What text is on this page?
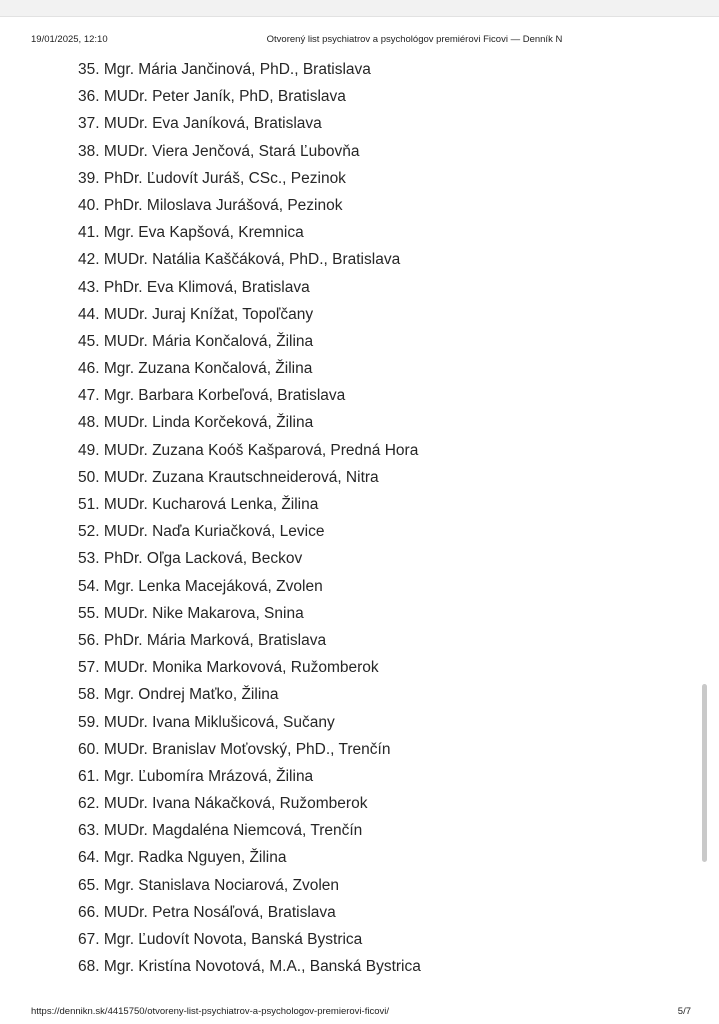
19/01/2025, 12:10	Otvorený list psychiatrov a psychológov premiérovi Ficovi — Denník N
35. Mgr. Mária Jančinová, PhD., Bratislava
36. MUDr. Peter Janík, PhD, Bratislava
37. MUDr. Eva Janíková, Bratislava
38. MUDr. Viera Jenčová, Stará Ľubovňa
39. PhDr. Ľudovít Juráš, CSc., Pezinok
40. PhDr. Miloslava Jurášová, Pezinok
41. Mgr. Eva Kapšová, Kremnica
42. MUDr. Natália Kaščáková, PhD., Bratislava
43. PhDr. Eva Klimová, Bratislava
44. MUDr. Juraj Knížat, Topoľčany
45. MUDr. Mária Končalová, Žilina
46. Mgr. Zuzana Končalová, Žilina
47. Mgr. Barbara Korbeľová, Bratislava
48. MUDr. Linda Korčeková, Žilina
49. MUDr. Zuzana Koóš Kašparová, Predná Hora
50. MUDr. Zuzana Krautschneiderová, Nitra
51. MUDr. Kucharová Lenka, Žilina
52. MUDr. Naďa Kuriačková, Levice
53. PhDr. Oľga Lacková, Beckov
54. Mgr. Lenka Macejáková, Zvolen
55. MUDr. Nike Makarova, Snina
56. PhDr. Mária Marková, Bratislava
57. MUDr. Monika Markovová, Ružomberok
58. Mgr. Ondrej Maťko, Žilina
59. MUDr. Ivana Miklušicová, Sučany
60. MUDr. Branislav Moťovský, PhD., Trenčín
61. Mgr. Ľubomíra Mrázová, Žilina
62. MUDr. Ivana Nákačková, Ružomberok
63. MUDr. Magdaléna Niemcová, Trenčín
64. Mgr. Radka Nguyen, Žilina
65. Mgr. Stanislava Nociarová, Zvolen
66. MUDr. Petra Nosáľová, Bratislava
67. Mgr. Ľudovít Novota, Banská Bystrica
68. Mgr. Kristína Novotová, M.A., Banská Bystrica
https://dennikn.sk/4415750/otvoreny-list-psychiatrov-a-psychologov-premierovi-ficovi/	5/7
